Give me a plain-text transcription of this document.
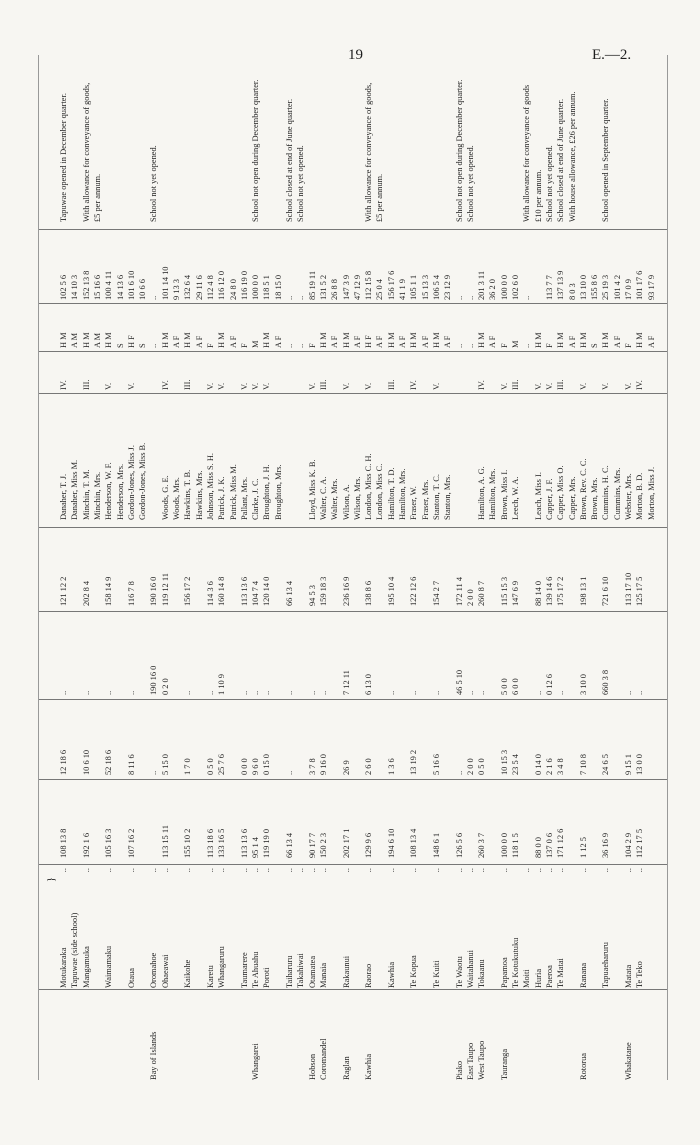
19	E.—2.
}
Motukaraka
..
108 13 8
12 18 6
..
121 12 2
Danaher, T. J.
IV.
H M
102 5 6
Tapuwae opened in December quarter.
Tapuwae (side school)
Danaher, Miss M.
A M
14 10 3
Mangamuka
..
192 1 6
10 6 10
..
202 8 4
Minchin, T. M.
III.
H M
152 13 8
With allowance for conveyance of goods,
Minchin, Mrs.
A M
15 16 6
£5 per annum.
Waimamaku
..
105 16 3
52 18 6
..
158 14 9
Henderson, W. F.
V.
H M
100 4 11
Henderson, Mrs.
S
14 13 6
Otaua
..
107 16 2
8 11 6
..
116 7 8
Gordon-Jones, Miss J.
V.
H F
101 6 10
Gordon-Jones, Miss B.
S
10 6 6
Bay of Islands
Oromahoe
..
..
190 16 0
190 16 0
..
..
School not yet opened.
Ohaeawai
..
113 15 11
5 15 0
0 2 0
119 12 11
Woods, G. E.
IV.
H M
101 14 10
Woods, Mrs.
A F
9 13 3
Kaikohe
..
155 10 2
1 7 0
..
156 17 2
Hawkins, T. B.
III.
H M
132 6 4
Hawkins, Mrs.
A F
29 11 6
Karetu
..
113 18 6
0 5 0
..
114 3 6
Johnson, Miss S. H.
V.
F
112 4 8
Whangaruru
..
133 16 5
25 7 6
1 10 9
160 14 8
Patrick, J. K.
V.
H M
116 12 0
Patrick, Miss M.
A F
24 8 0
Taumarere
..
113 13 6
0 0 0
..
113 13 6
Pallant, Mrs.
V.
F
116 19 0
Whangarei
Te Ahuahu
..
95 1 4
9 6 0
..
104 7 4
Clarke, J. C.
V.
M
100 0 0
School not open during December quarter.
Poroti
..
119 19 0
0 15 0
..
120 14 0
Broughton, J. H.
V.
H M
118 5 1
Broughton, Mrs.
A F
18 15 0
Taiharuru
..
66 13 4
..
..
66 13 4
..
..
School closed at end of June quarter.
Takahiwai
..
..
..
School not yet opened.
Hobson
Otamatea
..
90 17 7
3 7 8
..
94 5 3
Lloyd, Miss K. B.
V.
F
85 19 11
Coromandel
Manaia
..
150 2 3
9 16 0
..
159 18 3
Walter, C. A.
III.
H M
131 5 2
Walter, Mrs.
A F
26 8 8
Raglan
Rakaunui
..
202 17 1
26 9
7 12 11
236 16 9
Wilson, A.
V.
H M
147 3 9
Wilson, Mrs.
A F
47 12 9
Kawhia
Raorao
..
129 9 6
2 6 0
6 13 0
138 8 6
London, Miss C. H.
V.
H F
112 15 8
With allowance for conveyance of goods,
London, Miss C.
A F
25 0 4
£5 per annum.
Kawhia
..
194 6 10
1 3 6
..
195 10 4
Hamilton, T. D.
III.
H M
156 17 6
Hamilton, Mrs.
A F
41 1 9
Te Kopua
..
108 13 4
13 19 2
..
122 12 6
Fraser, W.
IV.
H M
105 1 1
Fraser, Mrs.
A F
15 13 3
Te Kuiti
..
148 6 1
5 16 6
..
154 2 7
Stanton, T. C.
V.
H M
106 5 4
Stanton, Mrs.
A F
23 12 9
Piako
Te Waotu
..
126 5 6
..
46 5 10
172 11 4
..
..
School not open during December quarter.
East Taupo
Waitahanui
..
2 0 0
..
2 0 0
..
..
School not yet opened.
West Taupo
Tokaanu
..
260 3 7
0 5 0
..
260 8 7
Hamilton, A. G.
IV.
H M
201 3 11
Hamilton, Mrs.
A F
36 2 0
Tauranga
Papamoa
..
100 0 0
10 15 3
5 0 0
115 15 3
Brown, Miss I.
V.
F
100 0 0
Te Kotukutuku
118 1 5
23 5 4
6 0 0
147 6 9
Leech, W. A.
III.
M
102 6 0
Moiti
..
..
..
With allowance for conveyance of goods
Huria
..
88 0 0
0 14 0
..
88 14 0
Leach, Miss I.
V.
H M
£10 per annum.
Paeroa
..
137 0 6
2 1 6
0 12 6
139 14 6
Capper, J. F.
V.
F
113 7 7
School not yet opened.
Te Matai
..
171 12 6
3 4 8
..
175 17 2
Capper, Miss O.
III.
H M
137 13 9
School closed at end of June quarter.
Capper, Mrs.
A F
8 0 3
With house allowance, £26 per annum.
Rotorua
Ranana
..
1 12 5
7 10 8
3 10 0
198 13 1
Brown, Rev. C. C.
V.
H M
13 10 0
Brown, Mrs.
S
155 8 6
Tapuaeharuru
..
36 16 9
24 6 5
660 3 8
721 6 10
Cummins, H. C.
V.
H M
25 19 3
School opened in September quarter.
Cummins, Mrs.
A F
101 4 2
Whakatane
Matata
..
104 2 9
9 15 1
..
113 17 10
Webster, Mrs.
V.
F
17 0 9
Te Teko
..
112 17 5
13 0 0
..
125 17 5
Morton, B. D.
IV.
H M
101 17 6
Morton, Miss J.
A F
93 17 9
